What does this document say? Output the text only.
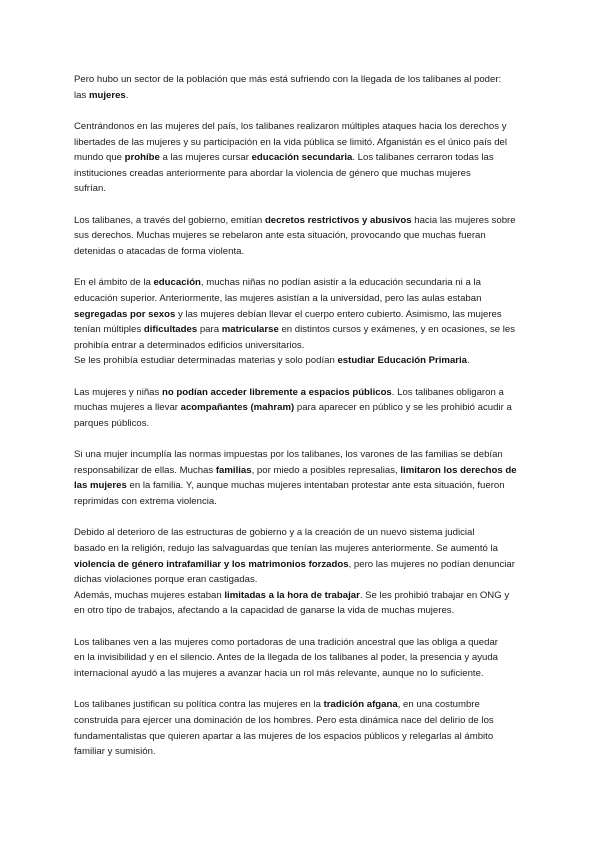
Pero hubo un sector de la población que más está sufriendo con la llegada de los talibanes al poder:
las mujeres.

Centrándonos en las mujeres del país, los talibanes realizaron múltiples ataques hacia los derechos y
libertades de las mujeres y su participación en la vida pública se limitó. Afganistán es el único país del
mundo que prohíbe a las mujeres cursar educación secundaria. Los talibanes cerraron todas las
instituciones creadas anteriormente para abordar la violencia de género que muchas mujeres
sufrían.

Los talibanes, a través del gobierno, emitían decretos restrictivos y abusivos hacia las mujeres sobre
sus derechos. Muchas mujeres se rebelaron ante esta situación, provocando que muchas fueran
detenidas o atacadas de forma violenta.

En el ámbito de la educación, muchas niñas no podían asistir a la educación secundaria ni a la
educación superior. Anteriormente, las mujeres asistían a la universidad, pero las aulas estaban
segregadas por sexos y las mujeres debían llevar el cuerpo entero cubierto. Asimismo, las mujeres
tenían múltiples dificultades para matricularse en distintos cursos y exámenes, y en ocasiones, se les
prohibía entrar a determinados edificios universitarios.
Se les prohibía estudiar determinadas materias y solo podían estudiar Educación Primaria.

Las mujeres y niñas no podían acceder libremente a espacios públicos. Los talibanes obligaron a
muchas mujeres a llevar acompañantes (mahram) para aparecer en público y se les prohibió acudir a
parques públicos.

Si una mujer incumplía las normas impuestas por los talibanes, los varones de las familias se debían
responsabilizar de ellas. Muchas familias, por miedo a posibles represalias, limitaron los derechos de
las mujeres en la familia. Y, aunque muchas mujeres intentaban protestar ante esta situación, fueron
reprimidas con extrema violencia.

Debido al deterioro de las estructuras de gobierno y a la creación de un nuevo sistema judicial
basado en la religión, redujo las salvaguardas que tenían las mujeres anteriormente. Se aumentó la
violencia de género intrafamiliar y los matrimonios forzados, pero las mujeres no podían denunciar
dichas violaciones porque eran castigadas.
Además, muchas mujeres estaban limitadas a la hora de trabajar. Se les prohibió trabajar en ONG y
en otro tipo de trabajos, afectando a la capacidad de ganarse la vida de muchas mujeres.

Los talibanes ven a las mujeres como portadoras de una tradición ancestral que las obliga a quedar
en la invisibilidad y en el silencio. Antes de la llegada de los talibanes al poder, la presencia y ayuda
internacional ayudó a las mujeres a avanzar hacia un rol más relevante, aunque no lo suficiente.

Los talibanes justifican su política contra las mujeres en la tradición afgana, en una costumbre
construida para ejercer una dominación de los hombres. Pero esta dinámica nace del delirio de los
fundamentalistas que quieren apartar a las mujeres de los espacios públicos y relegarlas al ámbito
familiar y sumisión.
